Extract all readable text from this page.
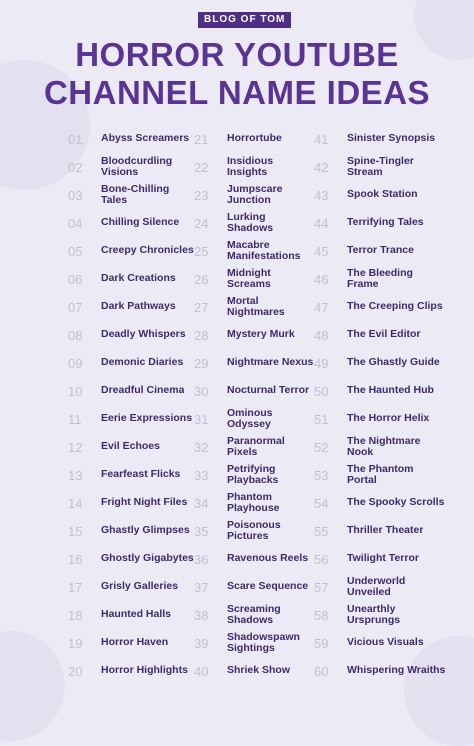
BLOG OF TOM
HORROR YOUTUBE
CHANNEL NAME IDEAS
01	Abyss Screamers
02	Bloodcurdling Visions
03	Bone-Chilling Tales
04	Chilling Silence
05	Creepy Chronicles
06	Dark Creations
07	Dark Pathways
08	Deadly Whispers
09	Demonic Diaries
10	Dreadful Cinema
11	Eerie Expressions
12	Evil Echoes
13	Fearfeast Flicks
14	Fright Night Files
15	Ghastly Glimpses
16	Ghostly Gigabytes
17	Grisly Galleries
18	Haunted Halls
19	Horror Haven
20	Horror Highlights
21	Horrortube
22	Insidious Insights
23	Jumpscare Junction
24	Lurking Shadows
25	Macabre Manifestations
26	Midnight Screams
27	Mortal Nightmares
28	Mystery Murk
29	Nightmare Nexus
30	Nocturnal Terror
31	Ominous Odyssey
32	Paranormal Pixels
33	Petrifying Playbacks
34	Phantom Playhouse
35	Poisonous Pictures
36	Ravenous Reels
37	Scare Sequence
38	Screaming Shadows
39	Shadowspawn Sightings
40	Shriek Show
41	Sinister Synopsis
42	Spine-Tingler Stream
43	Spook Station
44	Terrifying Tales
45	Terror Trance
46	The Bleeding Frame
47	The Creeping Clips
48	The Evil Editor
49	The Ghastly Guide
50	The Haunted Hub
51	The Horror Helix
52	The Nightmare Nook
53	The Phantom Portal
54	The Spooky Scrolls
55	Thriller Theater
56	Twilight Terror
57	Underworld Unveiled
58	Unearthly Ursprungs
59	Vicious Visuals
60	Whispering Wraiths
